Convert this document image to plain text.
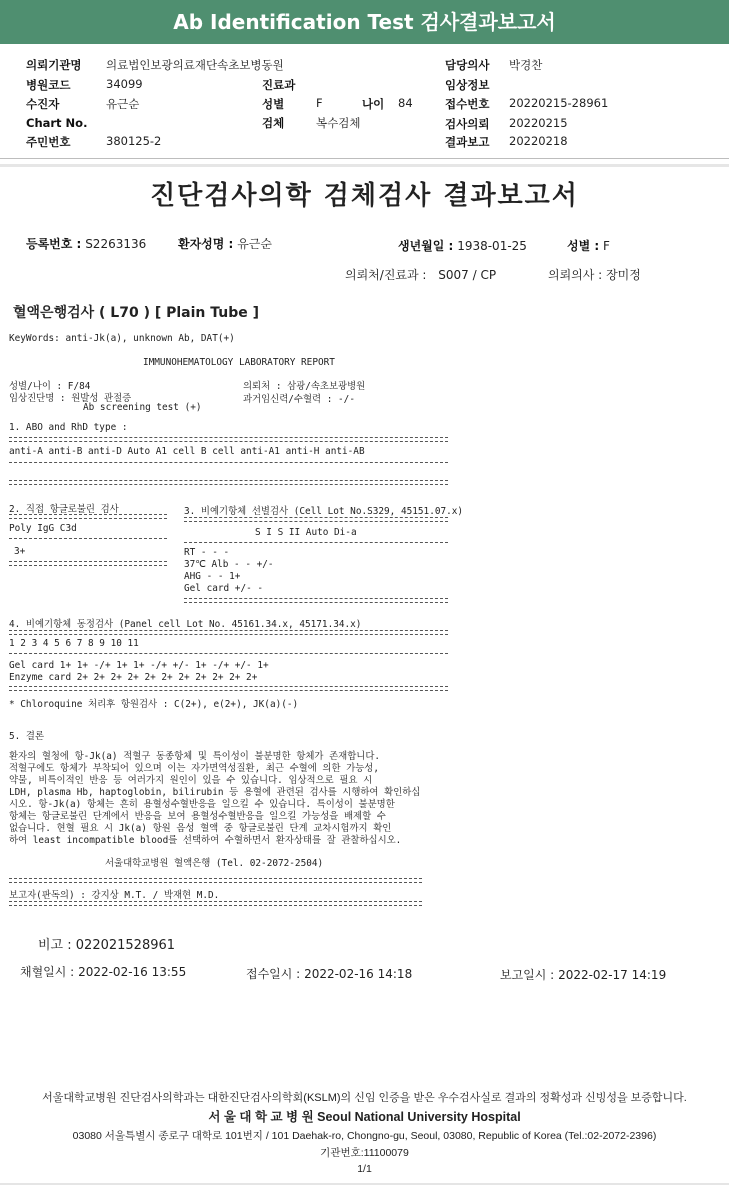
Ab Identification Test 검사결과보고서
의뢰기관명 의료법인보광의료재단속초보병동원
병원코드	34099
수진자	유근순
Chart No.
주민번호	380125-2
진료과
성별	F	나이 84
검체	복수검체
담당의사 박경찬
임상정보
접수번호 20220215-28961
검사의뢰 20220215
결과보고 20220218
진단검사의학 검체검사 결과보고서
등록번호 : S2263136	환자성명 : 유근순	생년월일 : 1938-01-25	성별 : F
의뢰처/진료과 : S007 / CP	의뢰의사 : 장미정
혈액은행검사 ( L70 ) [ Plain Tube ]
KeyWords: anti-Jk(a), unknown Ab, DAT(+)
IMMUNOHEMATOLOGY LABORATORY REPORT
성별/나이 : F/84
임상진단명 : 원발성 관절증
Ab screening test (+)
의뢰처 : 삼광/속초보광병원
과거임신력/수혈력 : -/-
1. ABO and RhD type :
anti-A anti-B anti-D Auto A1 cell B cell anti-A1 anti-H anti-AB
2. 직접 항글로불린 검사
Poly IgG C3d
3+
3. 비예기항체 선별검사 (Cell Lot No.S329, 45151.07.x)
S I S II Auto Di-a
RT - - -
37℃ Alb - - +/-
AHG - - 1+
Gel card +/- -
4. 비예기항체 동정검사 (Panel cell Lot No. 45161.34.x, 45171.34.x)
1 2 3 4 5 6 7 8 9 10 11
Gel card 1+ 1+ -/+ 1+ 1+ -/+ +/- 1+ -/+ +/- 1+
Enzyme card 2+ 2+ 2+ 2+ 2+ 2+ 2+ 2+ 2+ 2+ 2+
* Chloroquine 처리후 항원검사 : C(2+), e(2+), JK(a)(-)
5. 결론
환자의 혈청에 항-Jk(a) 적혈구 동종항체 및 특이성이 불분명한 항체가 존재합니다.
적혈구에도 항체가 부착되어 있으며 이는 자가면역성질환, 최근 수혈에 의한 가능성,
약물, 비특이적인 반응 등 여러가지 원인이 있을 수 있습니다. 임상적으로 필요 시
LDH, plasma Hb, haptoglobin, bilirubin 등 용혈에 관련된 검사를 시행하여 확인하십
시오. 항-Jk(a) 항체는 흔히 용혈성수혈반응을 일으킬 수 있습니다. 특이성이 불분명한
항체는 항글로불린 단계에서 반응을 보여 용혈성수혈반응을 일으킬 가능성을 배제할 수
없습니다. 현혈 필요 시 Jk(a) 항원 음성 혈액 중 항글로불린 단계 교차시험까지 확인
하여 least incompatible blood를 선택하여 수혈하면서 환자상태를 잘 관찰하십시오.
서울대학교병원 혈액은행 (Tel. 02-2072-2504)
보고자(판독의) : 강지상 M.T. / 박재현 M.D.
비고 : 022021528961
채혈일시 : 2022-02-16 13:55	접수일시 : 2022-02-16 14:18	보고일시 : 2022-02-17 14:19
서울대학교병원 진단검사의학과는 대한진단검사의학회(KSLM)의 신임 인증을 받은 우수검사실로 결과의 정확성과 신빙성을 보증합니다.
서 울 대 학 교 병 원 Seoul National University Hospital
03080 서울특별시 종로구 대학로 101번지 / 101 Daehak-ro, Chongno-gu, Seoul, 03080, Republic of Korea (Tel.:02-2072-2396)
기관번호:11100079
1/1
